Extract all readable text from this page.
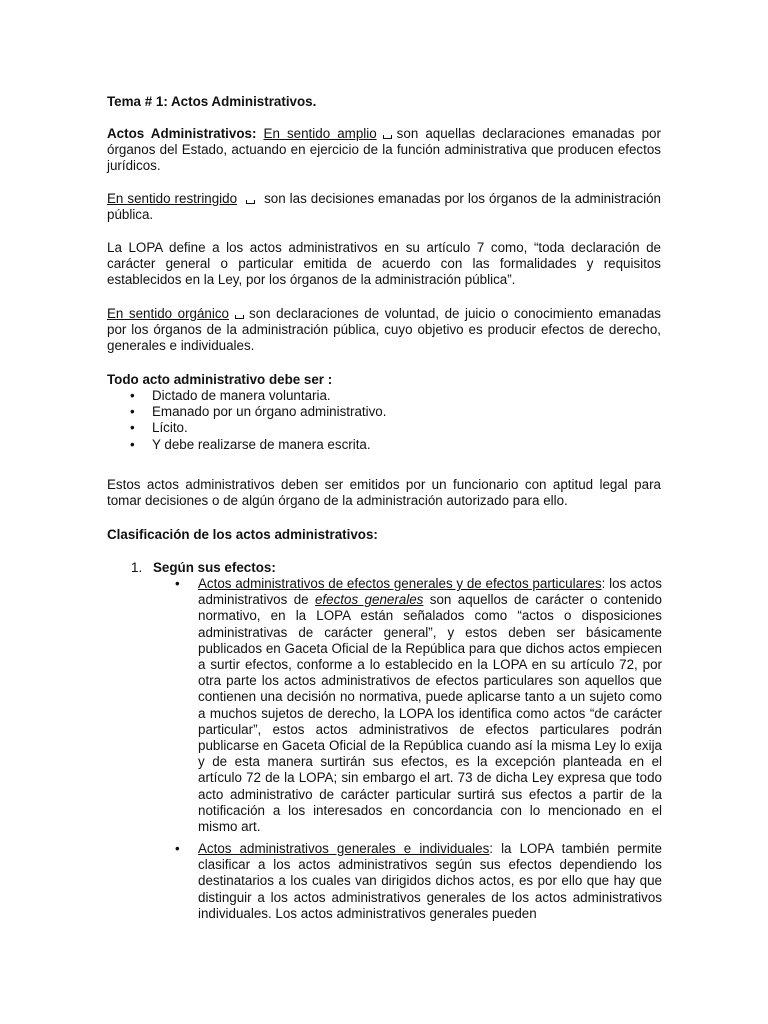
Tema # 1: Actos Administrativos.

Actos Administrativos: En sentido amplio son aquellas declaraciones emanadas por órganos del Estado, actuando en ejercicio de la función administrativa que producen efectos jurídicos.

En sentido restringido son las decisiones emanadas por los órganos de la administración pública.

La LOPA define a los actos administrativos en su artículo 7 como, “toda declaración de carácter general o particular emitida de acuerdo con las formalidades y requisitos establecidos en la Ley, por los órganos de la administración pública”.

En sentido orgánico son declaraciones de voluntad, de juicio o conocimiento emanadas por los órganos de la administración pública, cuyo objetivo es producir efectos de derecho, generales e individuales.

Todo acto administrativo debe ser :

• Dictado de manera voluntaria.
• Emanado por un órgano administrativo.
• Lícito.
• Y debe realizarse de manera escrita.

Estos actos administrativos deben ser emitidos por un funcionario con aptitud legal para tomar decisiones o de algún órgano de la administración autorizado para ello.

Clasificación de los actos administrativos:

1. Según sus efectos:
• Actos administrativos de efectos generales y de efectos particulares: los actos administrativos de efectos generales son aquellos de carácter o contenido normativo, en la LOPA están señalados como “actos o disposiciones administrativas de carácter general”, y estos deben ser básicamente publicados en Gaceta Oficial de la República para que dichos actos empiecen a surtir efectos, conforme a lo establecido en la LOPA en su artículo 72, por otra parte los actos administrativos de efectos particulares son aquellos que contienen una decisión no normativa, puede aplicarse tanto a un sujeto como a muchos sujetos de derecho, la LOPA los identifica como actos “de carácter particular”, estos actos administrativos de efectos particulares podrán publicarse en Gaceta Oficial de la República cuando así la misma Ley lo exija y de esta manera surtirán sus efectos, es la excepción planteada en el artículo 72 de la LOPA; sin embargo el art. 73 de dicha Ley expresa que todo acto administrativo de carácter particular surtirá sus efectos a partir de la notificación a los interesados en concordancia con lo mencionado en el mismo art.
• Actos administrativos generales e individuales: la LOPA también permite clasificar a los actos administrativos según sus efectos dependiendo los destinatarios a los cuales van dirigidos dichos actos, es por ello que hay que distinguir a los actos administrativos generales de los actos administrativos individuales. Los actos administrativos generales pueden
